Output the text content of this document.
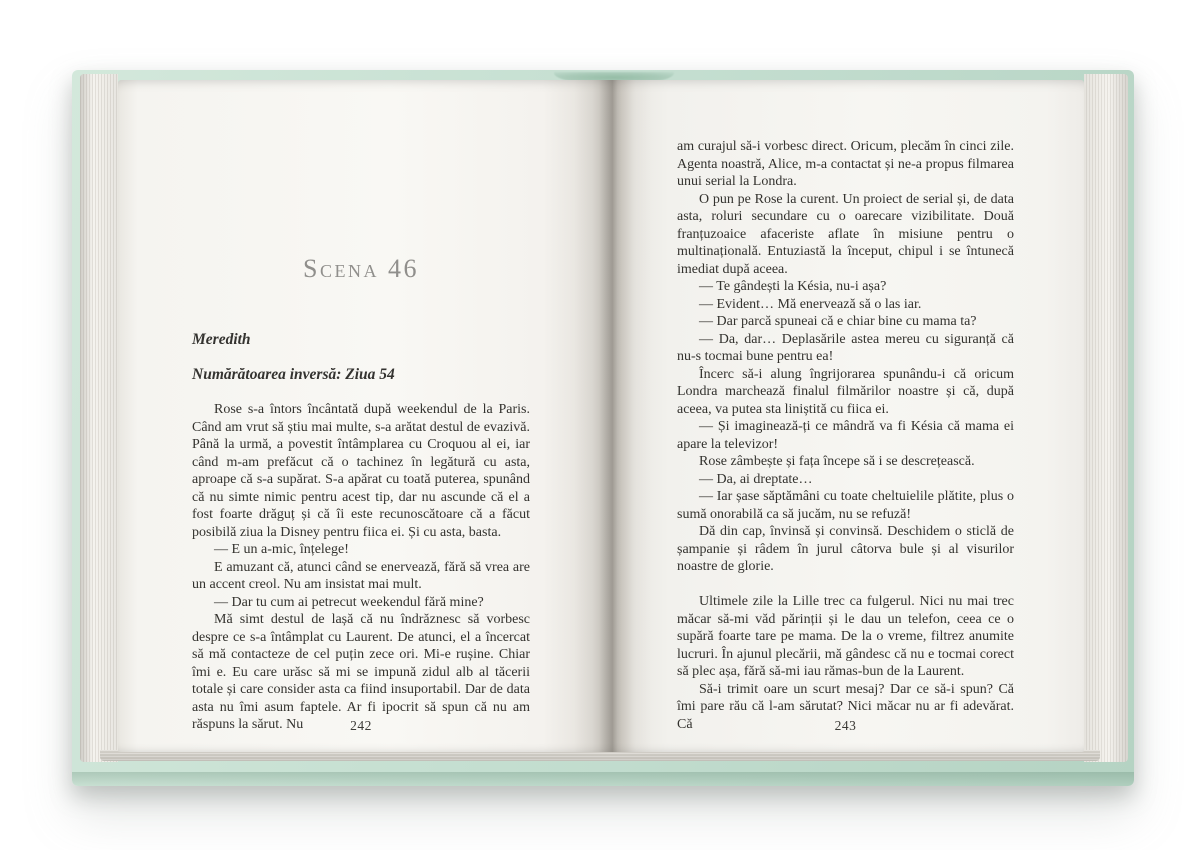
Scena 46

Meredith

Numărătoarea inversă: Ziua 54

Rose s-a întors încântată după weekendul de la Paris. Când am vrut să știu mai multe, s-a arătat destul de evazivă. Până la urmă, a povestit întâmplarea cu Croquou al ei, iar când m-am prefăcut că o tachinez în legătură cu asta, aproape că s-a supărat. S-a apărat cu toată puterea, spunând că nu simte nimic pentru acest tip, dar nu ascunde că el a fost foarte drăguț și că îi este recunoscătoare că a făcut posibilă ziua la Disney pentru fiica ei. Și cu asta, basta.

— E un a-mic, înțelege!

E amuzant că, atunci când se enervează, fără să vrea are un accent creol. Nu am insistat mai mult.

— Dar tu cum ai petrecut weekendul fără mine?

Mă simt destul de lașă că nu îndrăznesc să vorbesc despre ce s-a întâmplat cu Laurent. De atunci, el a încercat să mă contacteze de cel puțin zece ori. Mi-e rușine. Chiar îmi e. Eu care urăsc să mi se impună zidul alb al tăcerii totale și care consider asta ca fiind insuportabil. Dar de data asta nu îmi asum faptele. Ar fi ipocrit să spun că nu am răspuns la sărut. Nu

am curajul să-i vorbesc direct. Oricum, plecăm în cinci zile. Agenta noastră, Alice, m-a contactat și ne-a propus filmarea unui serial la Londra.

O pun pe Rose la curent. Un proiect de serial și, de data asta, roluri secundare cu o oarecare vizibilitate. Două franțuzoaice afaceriste aflate în misiune pentru o multinațională. Entuziastă la început, chipul i se întunecă imediat după aceea.

— Te gândești la Késia, nu-i așa?

— Evident… Mă enervează să o las iar.

— Dar parcă spuneai că e chiar bine cu mama ta?

— Da, dar… Deplasările astea mereu cu siguranță că nu-s tocmai bune pentru ea!

Încerc să-i alung îngrijorarea spunându-i că oricum Londra marchează finalul filmărilor noastre și că, după aceea, va putea sta liniștită cu fiica ei.

— Și imaginează-ți ce mândră va fi Késia că mama ei apare la televizor!

Rose zâmbește și fața începe să i se descrețească.

— Da, ai dreptate…

— Iar șase săptămâni cu toate cheltuielile plătite, plus o sumă onorabilă ca să jucăm, nu se refuză!

Dă din cap, învinsă și convinsă. Deschidem o sticlă de șampanie și râdem în jurul câtorva bule și al visurilor noastre de glorie.

Ultimele zile la Lille trec ca fulgerul. Nici nu mai trec măcar să-mi văd părinții și le dau un telefon, ceea ce o supără foarte tare pe mama. De la o vreme, filtrez anumite lucruri. În ajunul plecării, mă gândesc că nu e tocmai corect să plec așa, fără să-mi iau rămas-bun de la Laurent.

Să-i trimit oare un scurt mesaj? Dar ce să-i spun? Că îmi pare rău că l-am sărutat? Nici măcar nu ar fi adevărat. Că

242	243
